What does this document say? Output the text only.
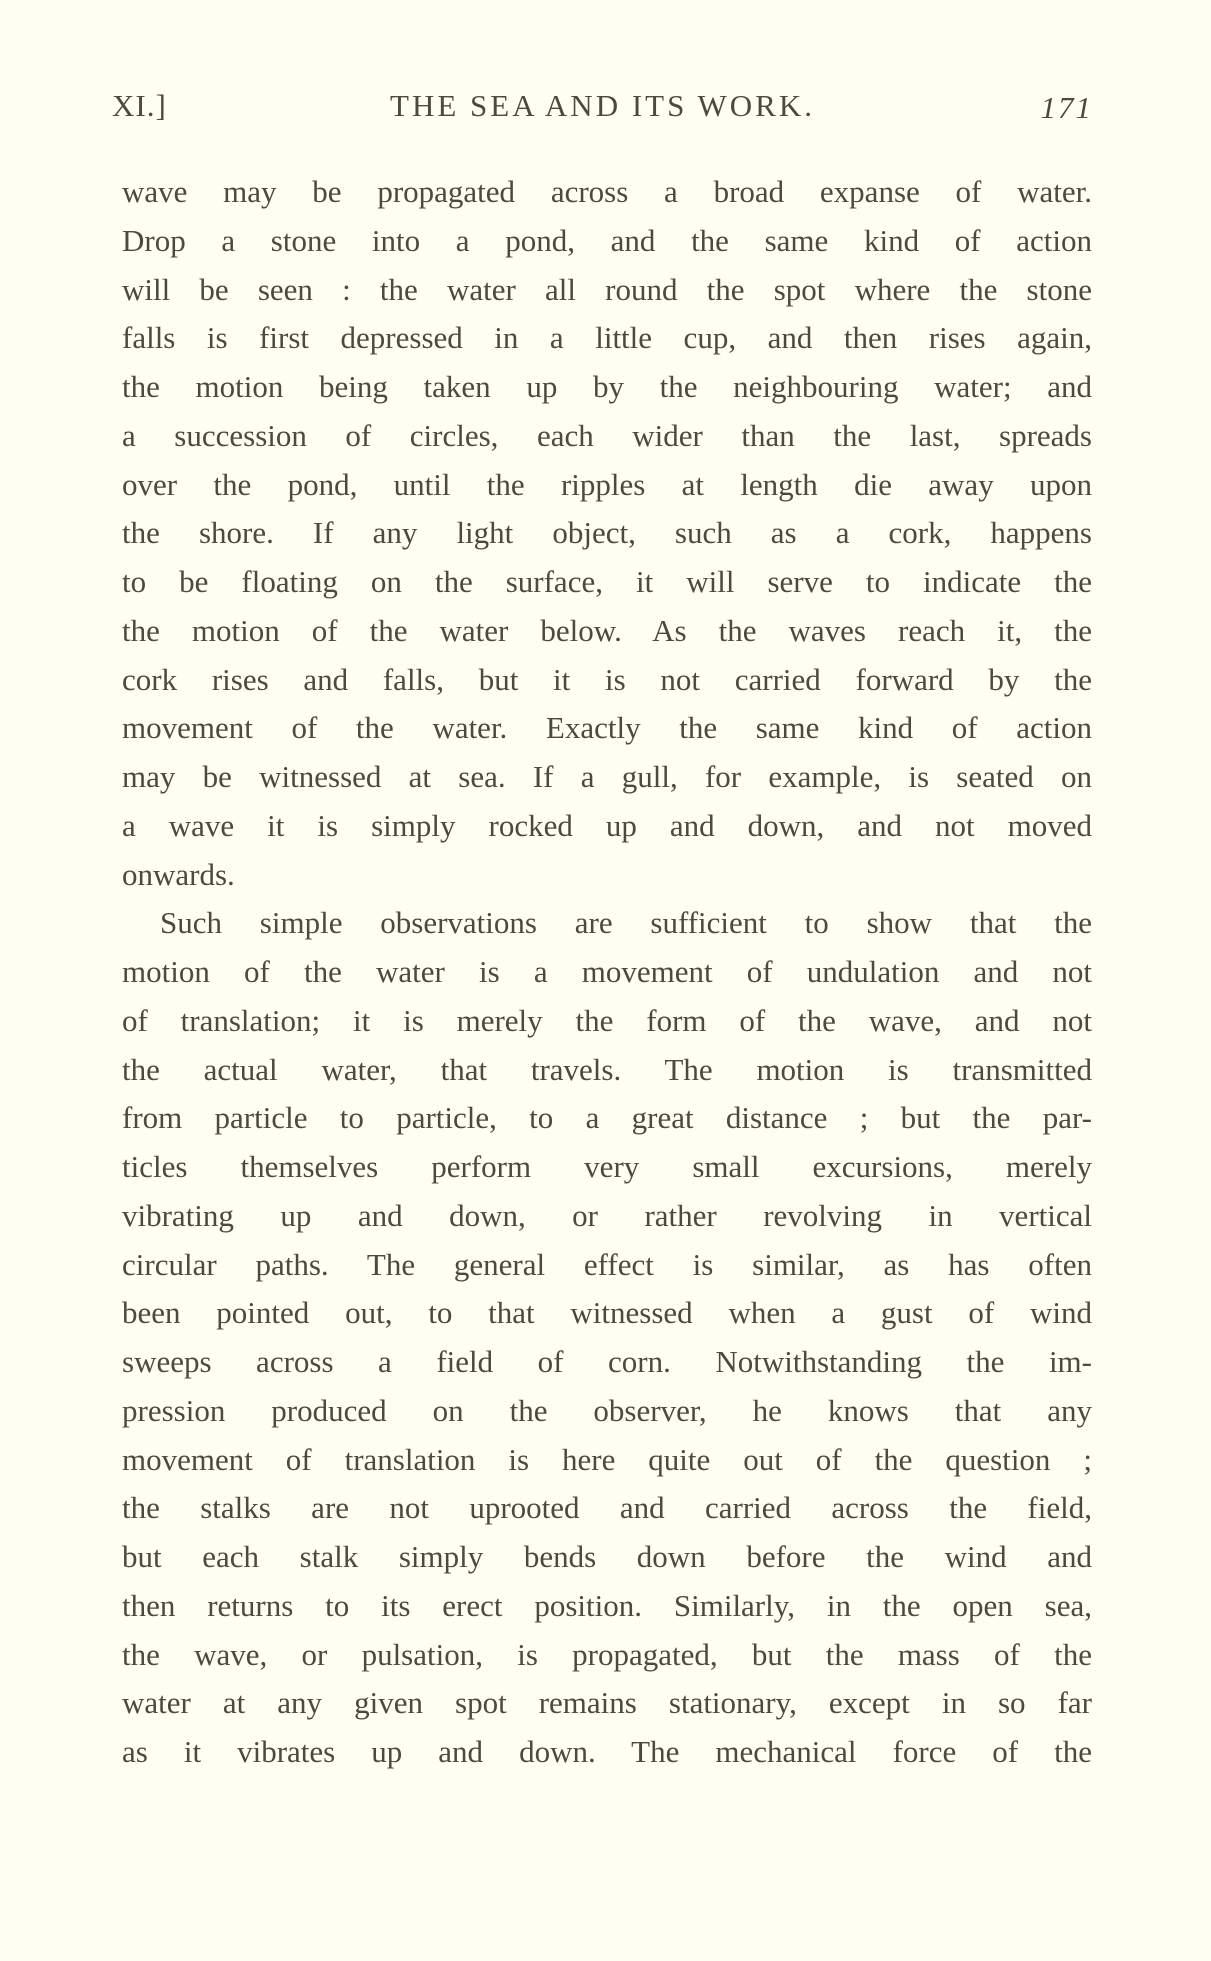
XI.]	THE SEA AND ITS WORK.	171
wave may be propagated across a broad expanse of water.
Drop a stone into a pond, and the same kind of action
will be seen : the water all round the spot where the stone
falls is first depressed in a little cup, and then rises again,
the motion being taken up by the neighbouring water; and
a succession of circles, each wider than the last, spreads
over the pond, until the ripples at length die away upon
the shore. If any light object, such as a cork, happens
to be floating on the surface, it will serve to indicate the
the motion of the water below. As the waves reach it, the
cork rises and falls, but it is not carried forward by the
movement of the water. Exactly the same kind of action
may be witnessed at sea. If a gull, for example, is seated on
a wave it is simply rocked up and down, and not moved
onwards.
Such simple observations are sufficient to show that the
motion of the water is a movement of undulation and not
of translation; it is merely the form of the wave, and not
the actual water, that travels. The motion is transmitted
from particle to particle, to a great distance ; but the par-
ticles themselves perform very small excursions, merely
vibrating up and down, or rather revolving in vertical
circular paths. The general effect is similar, as has often
been pointed out, to that witnessed when a gust of wind
sweeps across a field of corn. Notwithstanding the im-
pression produced on the observer, he knows that any
movement of translation is here quite out of the question ;
the stalks are not uprooted and carried across the field,
but each stalk simply bends down before the wind and
then returns to its erect position. Similarly, in the open sea,
the wave, or pulsation, is propagated, but the mass of the
water at any given spot remains stationary, except in so far
as it vibrates up and down. The mechanical force of the
